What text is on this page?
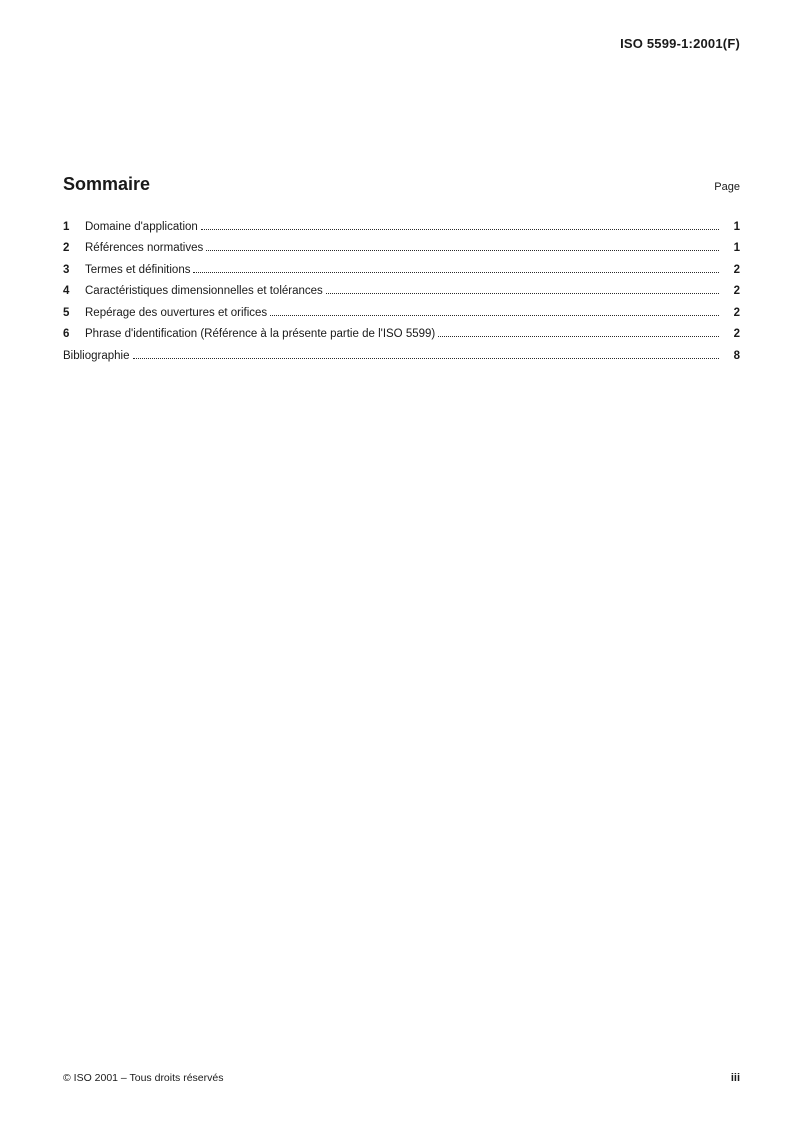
ISO 5599-1:2001(F)
Sommaire	Page
1	Domaine d'application	1
2	Références normatives	1
3	Termes et définitions	2
4	Caractéristiques dimensionnelles et tolérances	2
5	Repérage des ouvertures et orifices	2
6	Phrase d'identification (Référence à la présente partie de l'ISO 5599)	2
Bibliographie	8
© ISO 2001 – Tous droits réservés	iii
